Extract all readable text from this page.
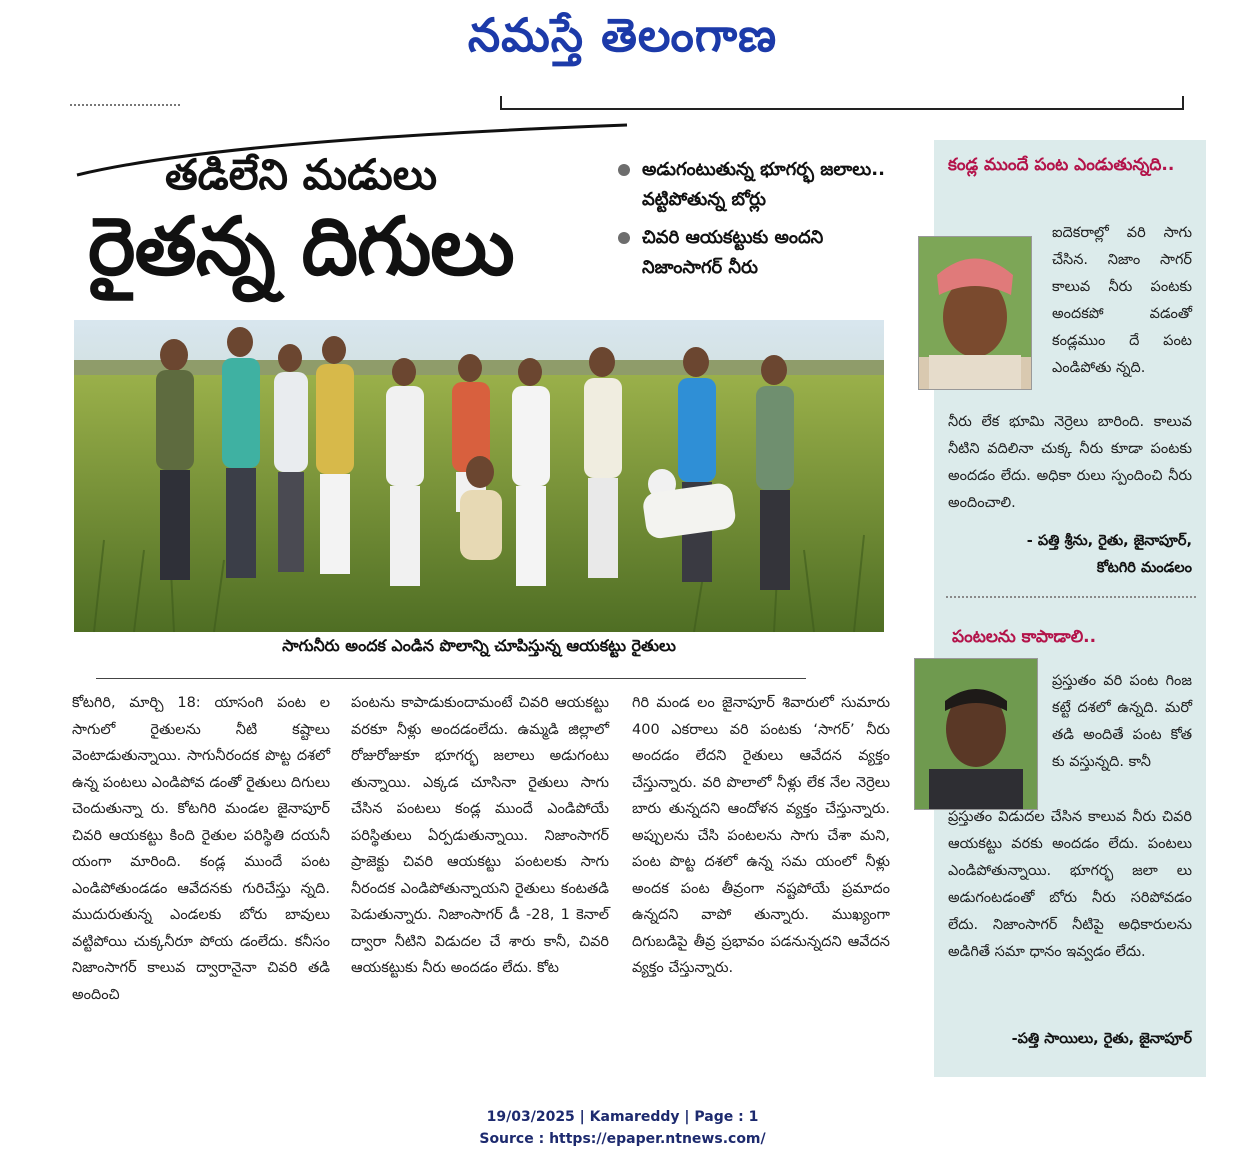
నమస్తే తెలంగాణ
తడిలేని మడులు
రైతన్న దిగులు
అడుగంటుతున్న భూగర్భ జలాలు.. వట్టిపోతున్న బోర్లు
చివరి ఆయకట్టుకు అందని నిజాంసాగర్ నీరు
సాగునీరు అందక ఎండిన పొలాన్ని చూపిస్తున్న ఆయకట్టు రైతులు
కోటగిరి, మార్చి 18: యాసంగి పంట ల సాగులో రైతులను నీటి కష్టాలు వెంటాడుతున్నాయి. సాగునీరందక పొట్ట దశలో ఉన్న పంటలు ఎండిపోవ డంతో రైతులు దిగులు చెందుతున్నా రు. కోటగిరి మండల జైనాపూర్ చివరి ఆయకట్టు కింది రైతుల పరిస్థితి దయనీ యంగా మారింది. కండ్ల ముందే పంట ఎండిపోతుండడం ఆవేదనకు గురిచేస్తు న్నది. ముదురుతున్న ఎండలకు బోరు బావులు వట్టిపోయి చుక్కనీరూ పోయ డంలేదు. కనీసం నిజాంసాగర్ కాలువ ద్వారానైనా చివరి తడి అందించి
పంటను కాపాడుకుందామంటే చివరి ఆయకట్టు వరకూ నీళ్లు అందడంలేదు. ఉమ్మడి జిల్లాలో రోజురోజుకూ భూగర్భ జలాలు అడుగంటు తున్నాయి. ఎక్కడ చూసినా రైతులు సాగు చేసిన పంటలు కండ్ల ముందే ఎండిపోయే పరిస్థితులు ఏర్పడుతున్నాయి. నిజాంసాగర్ ప్రాజెక్టు చివరి ఆయకట్టు పంటలకు సాగు నీరందక ఎండిపోతున్నాయని రైతులు కంటతడి పెడుతున్నారు. నిజాంసాగర్ డీ -28, 1 కెనాల్ ద్వారా నీటిని విడుదల చే శారు కానీ, చివరి ఆయకట్టుకు నీరు అందడం లేదు. కోట
గిరి మండ లం జైనాపూర్ శివారులో సుమారు 400 ఎకరాలు వరి పంటకు ‘సాగర్’ నీరు అందడం లేదని రైతులు ఆవేదన వ్యక్తం చేస్తున్నారు. వరి పొలాలో నీళ్లు లేక నేల నెర్రెలు బారు తున్నదని ఆందోళన వ్యక్తం చేస్తున్నారు. అప్పులను చేసి పంటలను సాగు చేశా మని, పంట పొట్ట దశలో ఉన్న సమ యంలో నీళ్లు అందక పంట తీవ్రంగా నష్టపోయే ప్రమాదం ఉన్నదని వాపో తున్నారు. ముఖ్యంగా దిగుబడిపై తీవ్ర ప్రభావం పడనున్నదని ఆవేదన వ్యక్తం చేస్తున్నారు.
కండ్ల ముందే పంట ఎండుతున్నది..
ఐదెకరాల్లో వరి సాగు చేసిన. నిజాం సాగర్ కాలువ నీరు పంటకు అందకపో వడంతో కండ్లముం దే పంట ఎండిపోతు న్నది.
నీరు లేక భూమి నెర్రెలు బారింది. కాలువ నీటిని వదిలినా చుక్క నీరు కూడా పంటకు అందడం లేదు. అధికా రులు స్పందించి నీరు అందించాలి.
- పత్తి శ్రీను, రైతు, జైనాపూర్,
కోటగిరి మండలం
పంటలను కాపాడాలి..
ప్రస్తుతం వరి పంట గింజ కట్టే దశలో ఉన్నది. మరో తడి అందితే పంట కోత కు వస్తున్నది. కానీ
ప్రస్తుతం విడుదల చేసిన కాలువ నీరు చివరి ఆయకట్టు వరకు అందడం లేదు. పంటలు ఎండిపోతున్నాయి. భూగర్భ జలా లు అడుగంటడంతో బోరు నీరు సరిపోవడం లేదు. నిజాంసాగర్ నీటిపై అధికారులను అడిగితే సమా ధానం ఇవ్వడం లేదు.
-పత్తి సాయిలు, రైతు, జైనాపూర్
19/03/2025 | Kamareddy | Page : 1
Source : https://epaper.ntnews.com/
